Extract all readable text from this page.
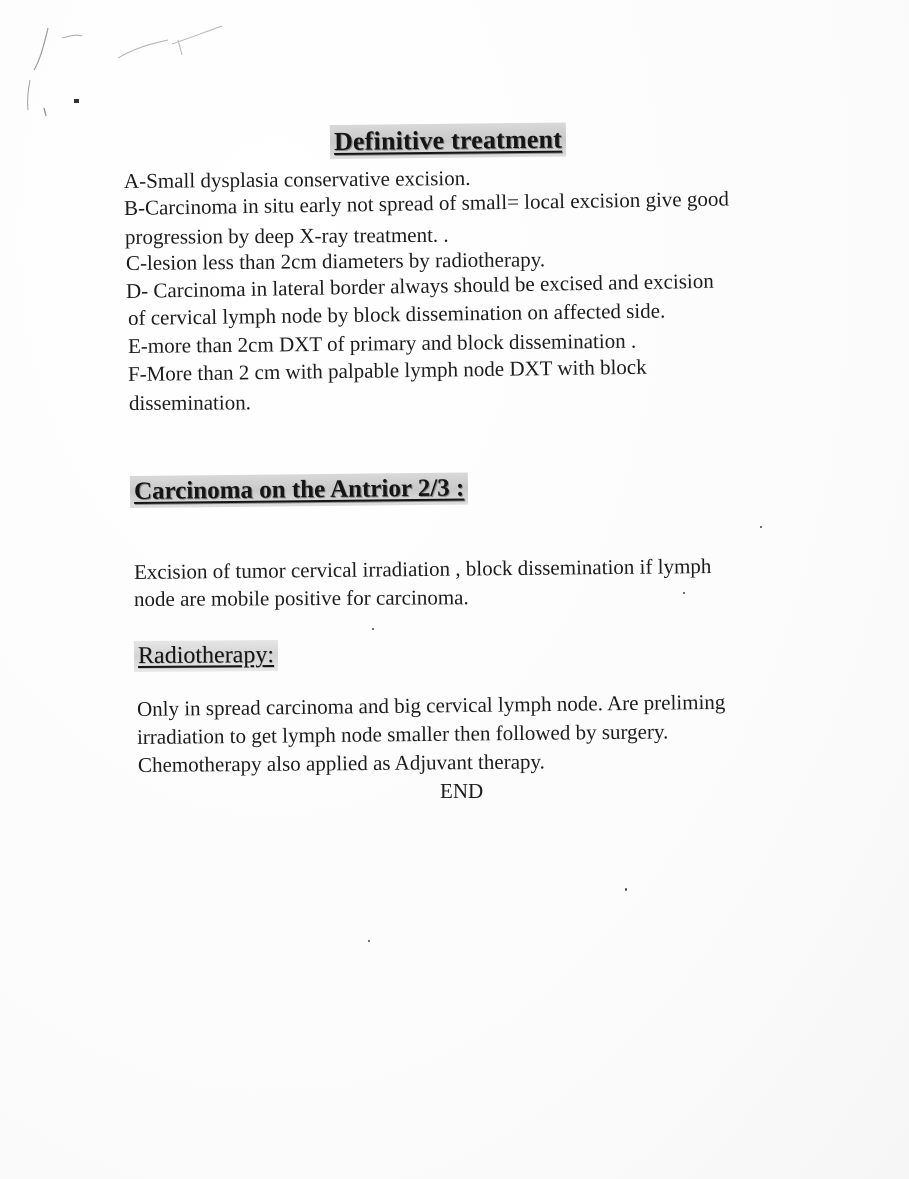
Definitive treatment
A-Small dysplasia conservative excision.
B-Carcinoma in situ early not spread of small= local excision give good
progression by deep X-ray treatment. .
C-lesion less than 2cm diameters by radiotherapy.
D- Carcinoma in lateral border always should be excised and excision
of cervical lymph node by block dissemination on affected side.
E-more than 2cm DXT of primary and block dissemination .
F-More than 2 cm with palpable lymph node DXT with block
dissemination.
Carcinoma on the Antrior 2/3 :
Excision of tumor cervical irradiation , block dissemination if lymph
node are mobile positive for carcinoma.
Radiotherapy:
Only in spread carcinoma and big cervical lymph node. Are preliming
irradiation to get lymph node smaller then followed by surgery.
Chemotherapy also applied as Adjuvant therapy.
END
